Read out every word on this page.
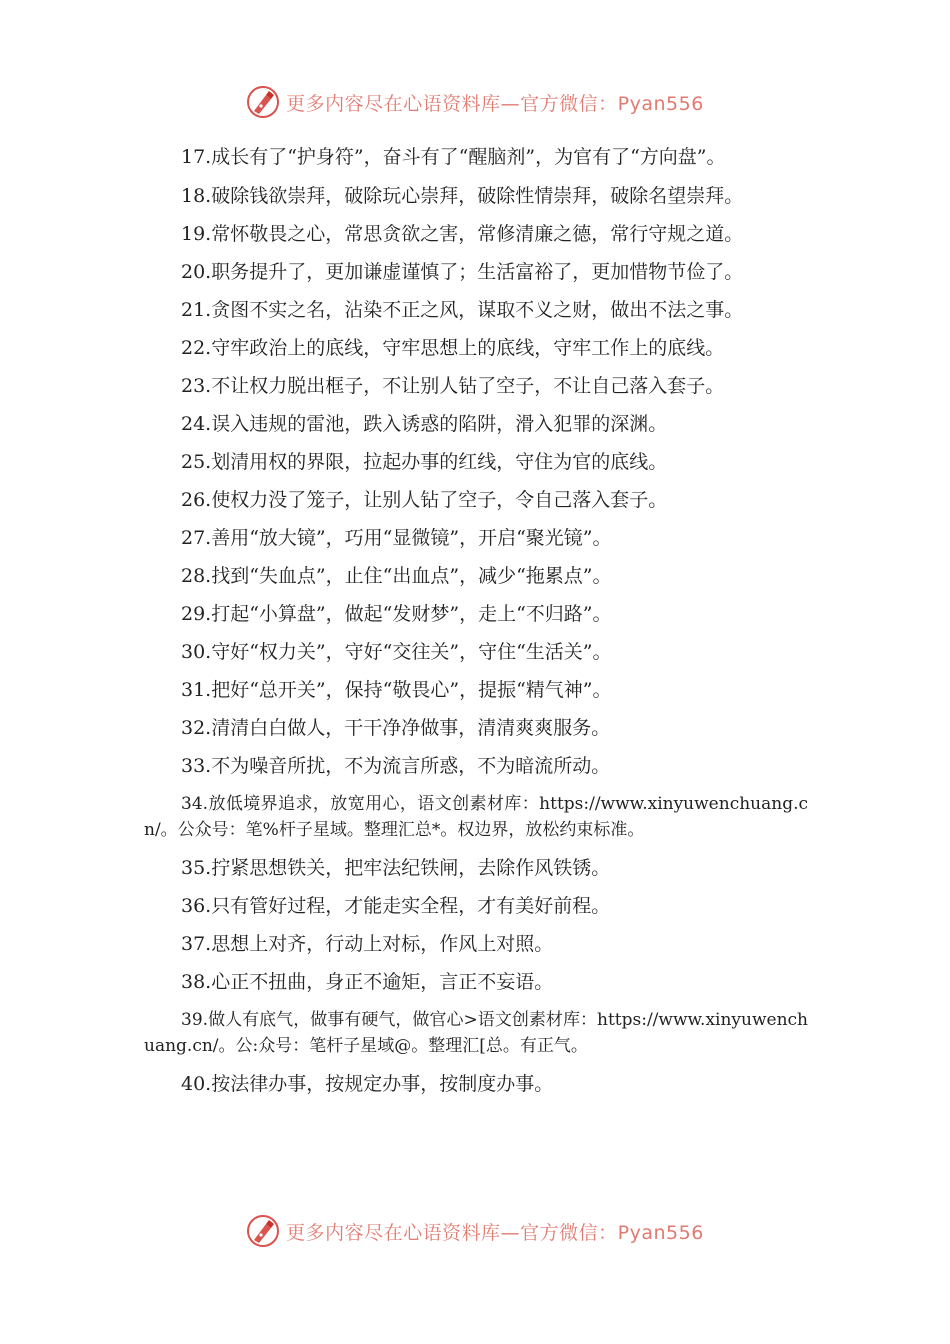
更多内容尽在心语资料库—官方微信：Pyan556

17.成长有了“护身符”，奋斗有了“醒脑剂”，为官有了“方向盘”。

18.破除钱欲崇拜，破除玩心崇拜，破除性情崇拜，破除名望崇拜。

19.常怀敬畏之心，常思贪欲之害，常修清廉之德，常行守规之道。

20.职务提升了，更加谦虚谨慎了；生活富裕了，更加惜物节俭了。

21.贪图不实之名，沾染不正之风，谋取不义之财，做出不法之事。

22.守牢政治上的底线，守牢思想上的底线，守牢工作上的底线。

23.不让权力脱出框子，不让别人钻了空子，不让自己落入套子。

24.误入违规的雷池，跌入诱惑的陷阱，滑入犯罪的深渊。

25.划清用权的界限，拉起办事的红线，守住为官的底线。

26.使权力没了笼子，让别人钻了空子，令自己落入套子。

27.善用“放大镜”，巧用“显微镜”，开启“聚光镜”。

28.找到“失血点”，止住“出血点”，减少“拖累点”。

29.打起“小算盘”，做起“发财梦”，走上“不归路”。

30.守好“权力关”，守好“交往关”，守住“生活关”。

31.把好“总开关”，保持“敬畏心”，提振“精气神”。

32.清清白白做人，干干净净做事，清清爽爽服务。

33.不为噪音所扰，不为流言所惑，不为暗流所动。

34.放低境界追求，放宽用心，语文创素材库：https://www.xinyuwenchuang.cn/。公众号：笔%杆子星域。整理汇总*。权边界，放松约束标准。

35.拧紧思想铁关，把牢法纪铁闸，去除作风铁锈。

36.只有管好过程，才能走实全程，才有美好前程。

37.思想上对齐，行动上对标，作风上对照。

38.心正不扭曲，身正不逾矩，言正不妄语。

39.做人有底气，做事有硬气，做官心>语文创素材库：https://www.xinyuwenchuang.cn/。公:众号：笔杆子星域@。整理汇[总。有正气。

40.按法律办事，按规定办事，按制度办事。

更多内容尽在心语资料库—官方微信：Pyan556
